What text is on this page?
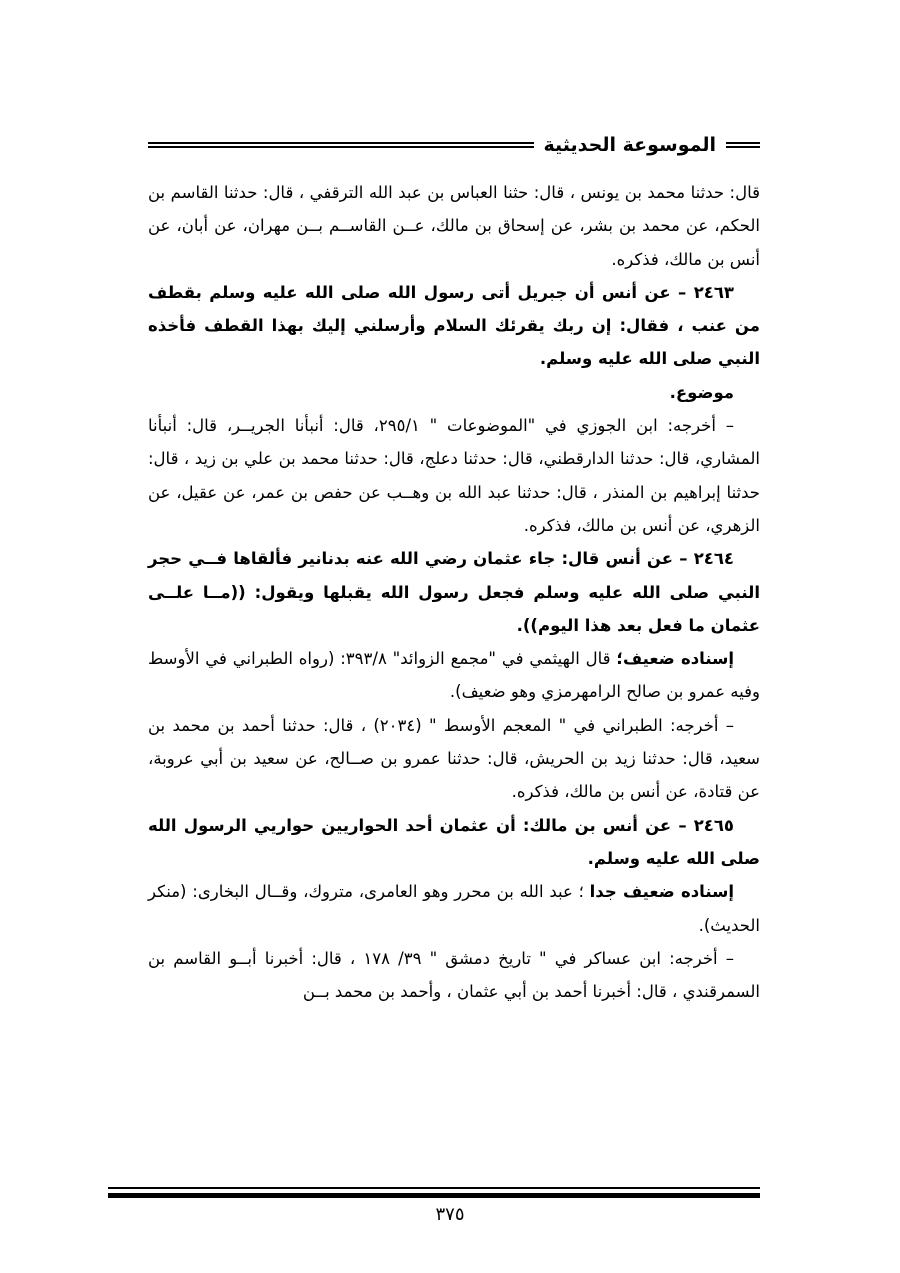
الموسوعة الحديثية

قال: حدثنا محمد بن يونس ، قال: حثنا العباس بن عبد الله الترقفي ، قال: حدثنا القاسم بن الحكم، عن محمد بن بشر، عن إسحاق بن مالك، عــن القاســم بــن مهران، عن أبان، عن أنس بن مالك، فذكره.

٢٤٦٣ – عن أنس أن جبريل أتى رسول الله صلى الله عليه وسلم بقطف من عنب ، فقال: إن ربك يقرئك السلام وأرسلني إليك بهذا القطف فأخذه النبي صلى الله عليه وسلم.

موضوع.

– أخرجه: ابن الجوزي في "الموضوعات " ٢٩٥/١، قال: أنبأنا الجريــر، قال: أنبأنا المشاري، قال: حدثنا الدارقطني، قال: حدثنا دعلج، قال: حدثنا محمد بن علي بن زيد ، قال: حدثنا إبراهيم بن المنذر ، قال: حدثنا عبد الله بن وهــب عن حفص بن عمر، عن عقيل، عن الزهري، عن أنس بن مالك، فذكره.

٢٤٦٤ – عن أنس قال: جاء عثمان رضي الله عنه بدنانير فألقاها فــي حجر النبي صلى الله عليه وسلم فجعل رسول الله يقبلها ويقول: ((مــا علــى عثمان ما فعل بعد هذا اليوم)).

إسناده ضعيف؛ قال الهيثمي في "مجمع الزوائد" ٣٩٣/٨: (رواه الطبراني في الأوسط وفيه عمرو بن صالح الرامهرمزي وهو ضعيف).

– أخرجه: الطبراني في " المعجم الأوسط " (٢٠٣٤) ، قال: حدثنا أحمد بن محمد بن سعيد، قال: حدثنا زيد بن الحريش، قال: حدثنا عمرو بن صــالح، عن سعيد بن أبي عروبة، عن قتادة، عن أنس بن مالك، فذكره.

٢٤٦٥ – عن أنس بن مالك: أن عثمان أحد الحواريين حواريي الرسول الله صلى الله عليه وسلم.

إسناده ضعيف جدا ؛ عبد الله بن محرر وهو العامرى، متروك، وقــال البخارى: (منكر الحديث).

– أخرجه: ابن عساكر في " تاريخ دمشق " ٣٩/ ١٧٨ ، قال: أخبرنا أبــو القاسم بن السمرقندي ، قال: أخبرنا أحمد بن أبي عثمان ، وأحمد بن محمد بــن

٣٧٥
